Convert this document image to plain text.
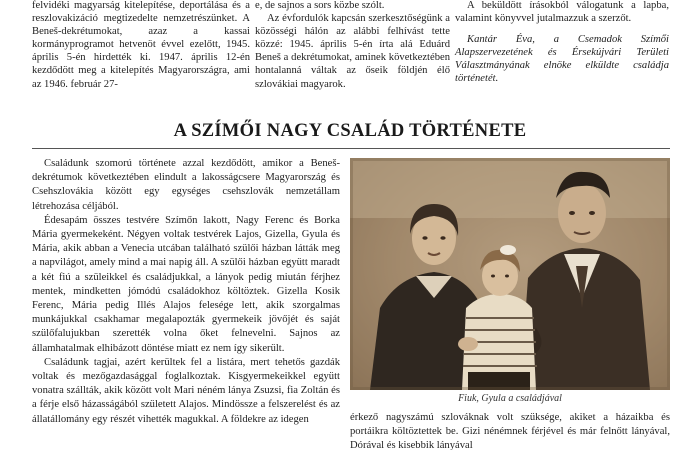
felvidéki magyarság kitelepítése, deportálása és a reszlovakizáció megtizedelte nemzetrészünket. A Beneš-dekrétumokat, azaz a kassai kormányprogramot hetvenöt évvel ezelőtt, 1945. április 5-én hirdették ki. 1947. április 12-én kezdődött meg a kitelepítés Magyarországra, ami az 1946. február 27-

e, de sajnos a sors közbe szólt.

Az évfordulók kapcsán szerkesztőségünk a közösségi hálón az alábbi felhívást tette közzé: 1945. április 5-én írta alá Eduárd Beneš a dekrétumokat, aminek következtében hontalanná váltak az őseik földjén élő szlovákiai magyarok.

A beküldött írásokból válogatunk a lapba, valamint könyvvel jutalmazzuk a szerzőt.

Kantár Éva, a Csemadok Szímői Alapszervezetének és Érsekújvári Területi Választmányának elnöke elküldte családja történetét.

A SZÍMŐI NAGY CSALÁD TÖRTÉNETE

Családunk szomorú története azzal kezdődött, amikor a Beneš-dekrétumok következtében elindult a lakosságcsere Magyarország és Csehszlovákia között egy egységes csehszlovák nemzetállam létrehozása céljából.

Édesapám összes testvére Szímőn lakott, Nagy Ferenc és Borka Mária gyermekeként. Négyen voltak testvérek Lajos, Gizella, Gyula és Mária, akik abban a Venecia utcában található szülői házban látták meg a napvilágot, amely mind a mai napig áll. A szülői házban együtt maradt a két fiú a szüleikkel és családjukkal, a lányok pedig miután férjhez mentek, mindketten jómódú családokhoz költöztek. Gizella Kosik Ferenc, Mária pedig Illés Alajos felesége lett, akik szorgalmas munkájukkal csakhamar megalapozták gyermekeik jövőjét és saját szülőfalujukban szerették volna őket felnevelni. Sajnos az államhatalmak elhibázott döntése miatt ez nem így sikerült.

Családunk tagjai, azért kerültek fel a listára, mert tehetős gazdák voltak és mezőgazdasággal foglalkoztak. Kisgyermekeikkel együtt vonatra szállták, akik között volt Mari néném lánya Zsuzsi, fia Zoltán és a férje első házasságából született Alajos. Mindössze a felszerelést és az állatállomány egy részét vihették magukkal. A földekre az idegen

Fiuk, Gyula a családjával

érkező nagyszámú szlováknak volt szüksége, akiket a házaikba és portáikra költöztettek be. Gizi nénémnek férjével és már felnőtt lányával, Dórával és kisebbik lányával
